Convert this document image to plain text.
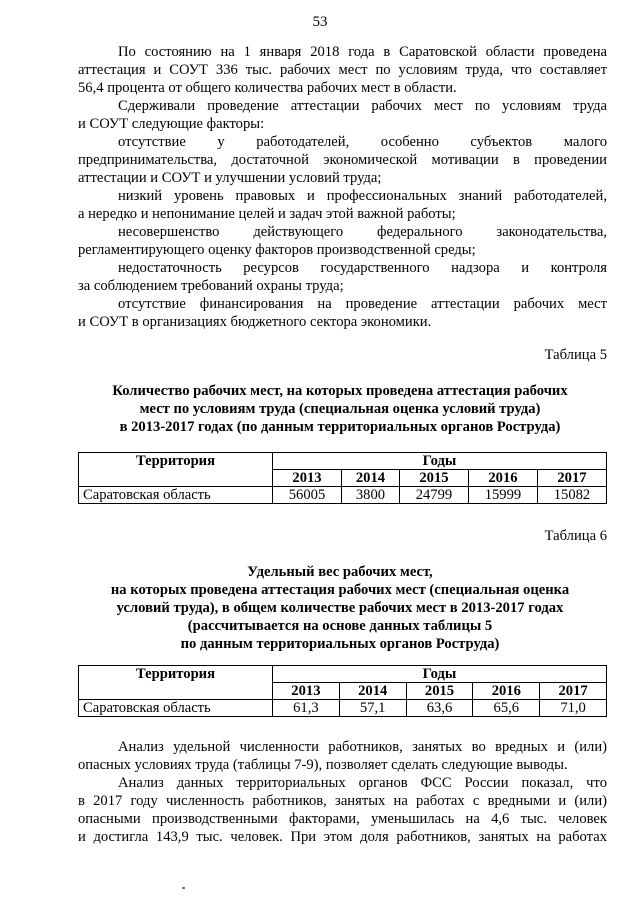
53
По состоянию на 1 января 2018 года в Саратовской области проведена
аттестация и СОУТ 336 тыс. рабочих мест по условиям труда, что составляет
56,4 процента от общего количества рабочих мест в области.
Сдерживали проведение аттестации рабочих мест по условиям труда
и СОУТ следующие факторы:
отсутствие у работодателей, особенно субъектов малого
предпринимательства, достаточной экономической мотивации в проведении
аттестации и СОУТ и улучшении условий труда;
низкий уровень правовых и профессиональных знаний работодателей,
а нередко и непонимание целей и задач этой важной работы;
несовершенство действующего федерального законодательства,
регламентирующего оценку факторов производственной среды;
недостаточность ресурсов государственного надзора и контроля
за соблюдением требований охраны труда;
отсутствие финансирования на проведение аттестации рабочих мест
и СОУТ в организациях бюджетного сектора экономики.
Таблица 5
Количество рабочих мест, на которых проведена аттестация рабочих
мест по условиям труда (специальная оценка условий труда)
в 2013-2017 годах (по данным территориальных органов Роструда)
Территория	Годы				
	2013	2014	2015	2016	2017
Саратовская область	56005	3800	24799	15999	15082
Таблица 6
Удельный вес рабочих мест,
на которых проведена аттестация рабочих мест (специальная оценка
условий труда), в общем количестве рабочих мест в 2013-2017 годах
(рассчитывается на основе данных таблицы 5
по данным территориальных органов Роструда)
Территория	Годы				
	2013	2014	2015	2016	2017
Саратовская область	61,3	57,1	63,6	65,6	71,0
Анализ удельной численности работников, занятых во вредных и (или)
опасных условиях труда (таблицы 7-9), позволяет сделать следующие выводы.
Анализ данных территориальных органов ФСС России показал, что
в 2017 году численность работников, занятых на работах с вредными и (или)
опасными производственными факторами, уменьшилась на 4,6 тыс. человек
и достигла 143,9 тыс. человек. При этом доля работников, занятых на работах
